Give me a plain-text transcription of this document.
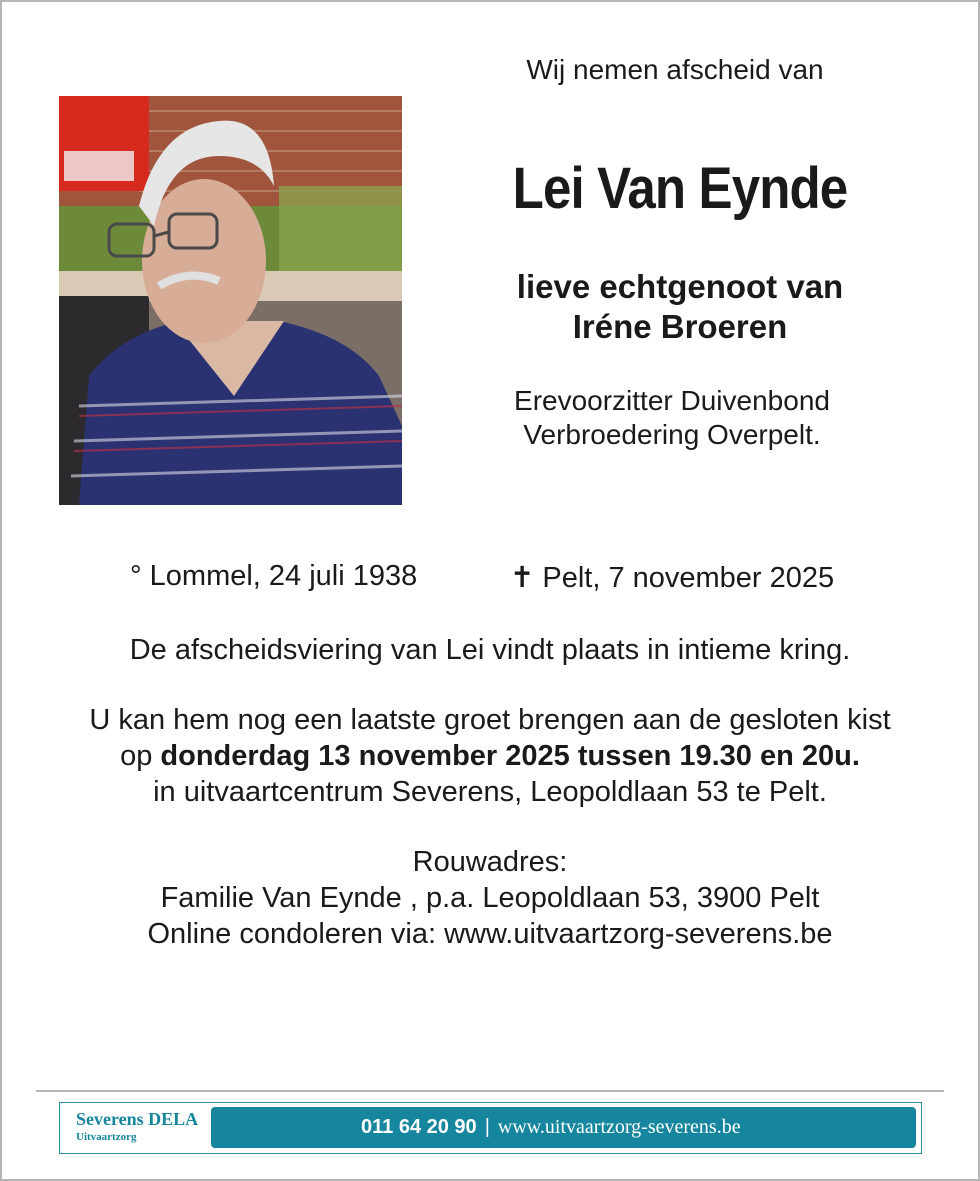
Wij nemen afscheid van
Lei Van Eynde
lieve echtgenoot van
Iréne Broeren
Erevoorzitter Duivenbond
Verbroedering Overpelt.
° Lommel, 24 juli 1938	✝ Pelt, 7 november 2025
De afscheidsviering van Lei vindt plaats in intieme kring.
U kan hem nog een laatste groet brengen aan de gesloten kist
op donderdag 13 november 2025 tussen 19.30 en 20u.
in uitvaartcentrum Severens, Leopoldlaan 53 te Pelt.
Rouwadres:
Familie Van Eynde , p.a. Leopoldlaan 53, 3900 Pelt
Online condoleren via: www.uitvaartzorg-severens.be
Severens DELA
Uitvaartzorg	011 64 20 90 | www.uitvaartzorg-severens.be
